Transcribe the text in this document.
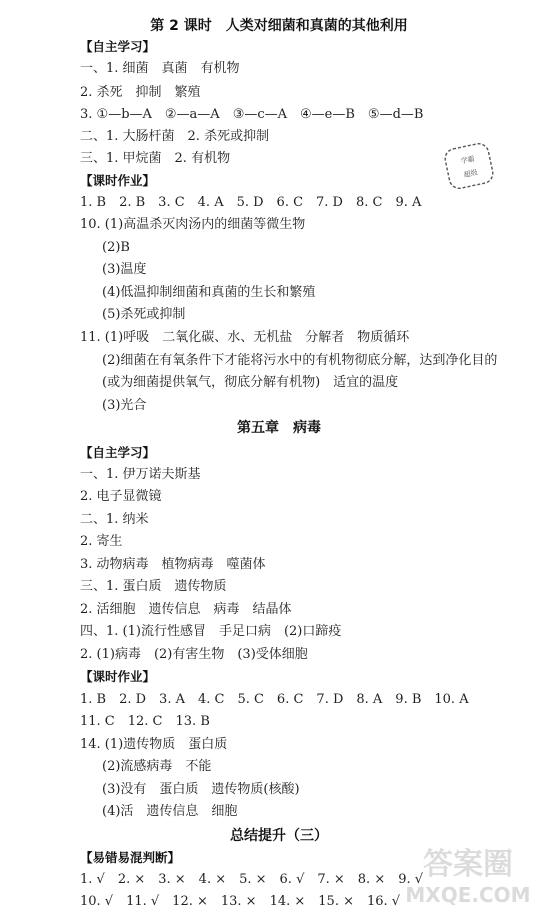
第 2 课时　人类对细菌和真菌的其他利用
【自主学习】
一、1. 细菌　真菌　有机物
2. 杀死　抑制　繁殖
3. ①—b—A　②—a—A　③—c—A　④—e—B　⑤—d—B
二、1. 大肠杆菌　2. 杀死或抑制
三、1. 甲烷菌　2. 有机物	学霸
超级
【课时作业】
1. B　2. B　3. C　4. A　5. D　6. C　7. D　8. C　9. A
10. (1)高温杀灭肉汤内的细菌等微生物
(2)B
(3)温度
(4)低温抑制细菌和真菌的生长和繁殖
(5)杀死或抑制
11. (1)呼吸　二氧化碳、水、无机盐　分解者　物质循环
(2)细菌在有氧条件下才能将污水中的有机物彻底分解，达到净化目的
(或为细菌提供氧气，彻底分解有机物)　适宜的温度
(3)光合
第五章　病毒
【自主学习】
一、1. 伊万诺夫斯基
2. 电子显微镜
二、1. 纳米
2. 寄生
3. 动物病毒　植物病毒　噬菌体
三、1. 蛋白质　遗传物质
2. 活细胞　遗传信息　病毒　结晶体
四、1. (1)流行性感冒　手足口病　(2)口蹄疫
2. (1)病毒　(2)有害生物　(3)受体细胞
【课时作业】
1. B　2. D　3. A　4. C　5. C　6. C　7. D　8. A　9. B　10. A
11. C　12. C　13. B
14. (1)遗传物质　蛋白质
(2)流感病毒　不能
(3)没有　蛋白质　遗传物质(核酸)
(4)活　遗传信息　细胞
总结提升（三）
【易错易混判断】
1. √　2. ×　3. ×　4. ×　5. ×　6. √　7. ×　8. ×　9. √
10. √　11. √　12. ×　13. ×　14. ×　15. ×　16. √
答案圈
MXQE.COM
